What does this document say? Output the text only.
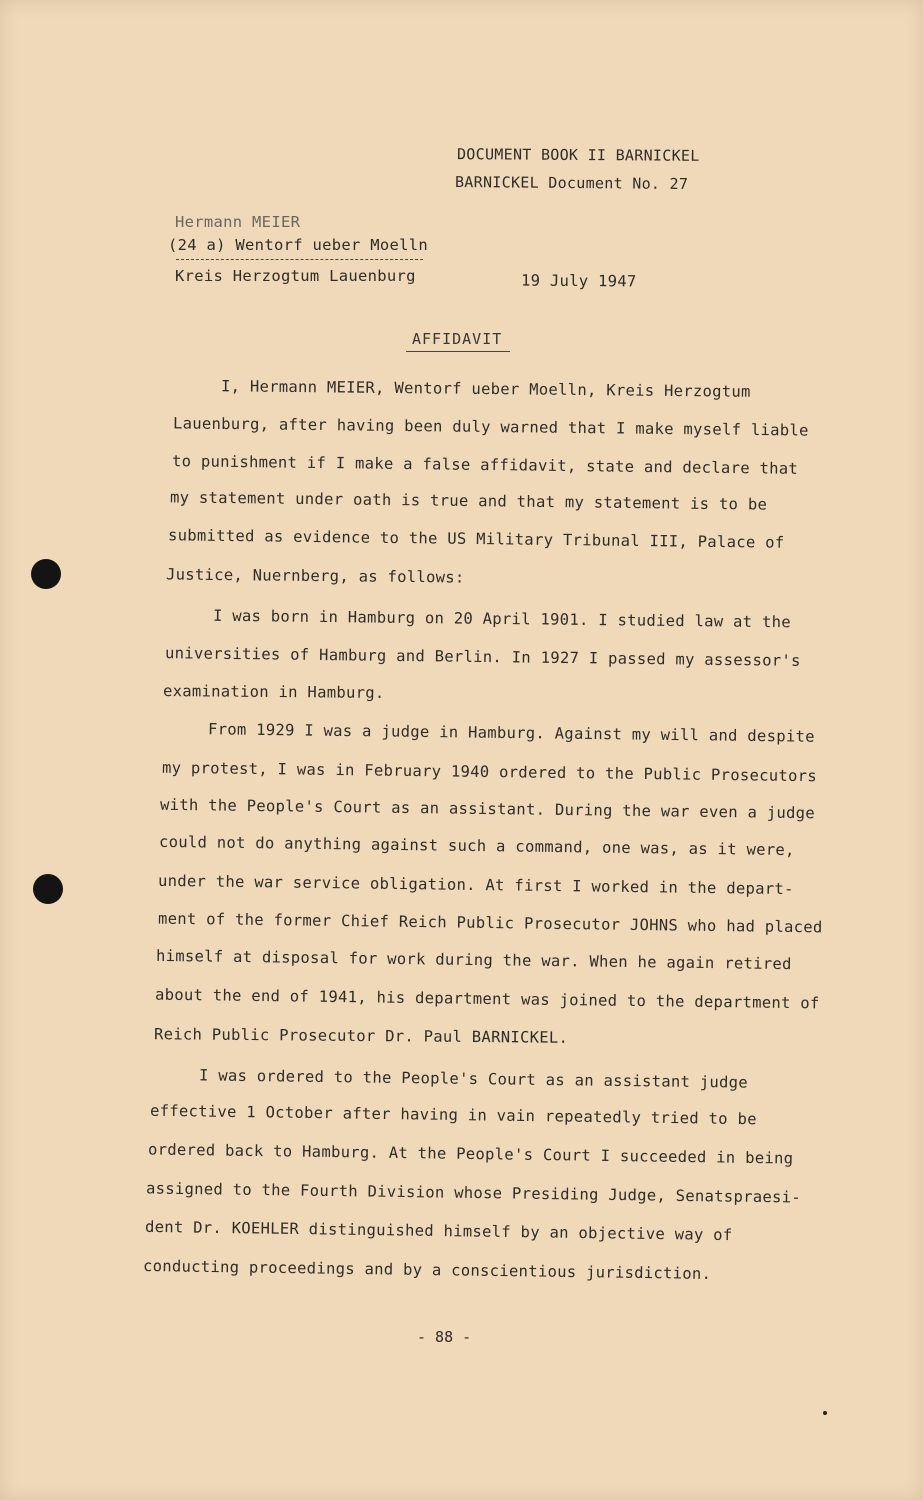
DOCUMENT BOOK II BARNICKEL
BARNICKEL Document No. 27
Hermann MEIER
(24 a) Wentorf ueber Moelln
Kreis Herzogtum Lauenburg	19 July 1947
AFFIDAVIT
I, Hermann MEIER, Wentorf ueber Moelln, Kreis Herzogtum
Lauenburg, after having been duly warned that I make myself liable
to punishment if I make a false affidavit, state and declare that
my statement under oath is true and that my statement is to be
submitted as evidence to the US Military Tribunal III, Palace of
Justice, Nuernberg, as follows:
I was born in Hamburg on 20 April 1901. I studied law at the
universities of Hamburg and Berlin. In 1927 I passed my assessor's
examination in Hamburg.
From 1929 I was a judge in Hamburg. Against my will and despite
my protest, I was in February 1940 ordered to the Public Prosecutors
with the People's Court as an assistant. During the war even a judge
could not do anything against such a command, one was, as it were,
under the war service obligation. At first I worked in the depart-
ment of the former Chief Reich Public Prosecutor JOHNS who had placed
himself at disposal for work during the war. When he again retired
about the end of 1941, his department was joined to the department of
Reich Public Prosecutor Dr. Paul BARNICKEL.
I was ordered to the People's Court as an assistant judge
effective 1 October after having in vain repeatedly tried to be
ordered back to Hamburg. At the People's Court I succeeded in being
assigned to the Fourth Division whose Presiding Judge, Senatspraesi-
dent Dr. KOEHLER distinguished himself by an objective way of
conducting proceedings and by a conscientious jurisdiction.
- 88 -
